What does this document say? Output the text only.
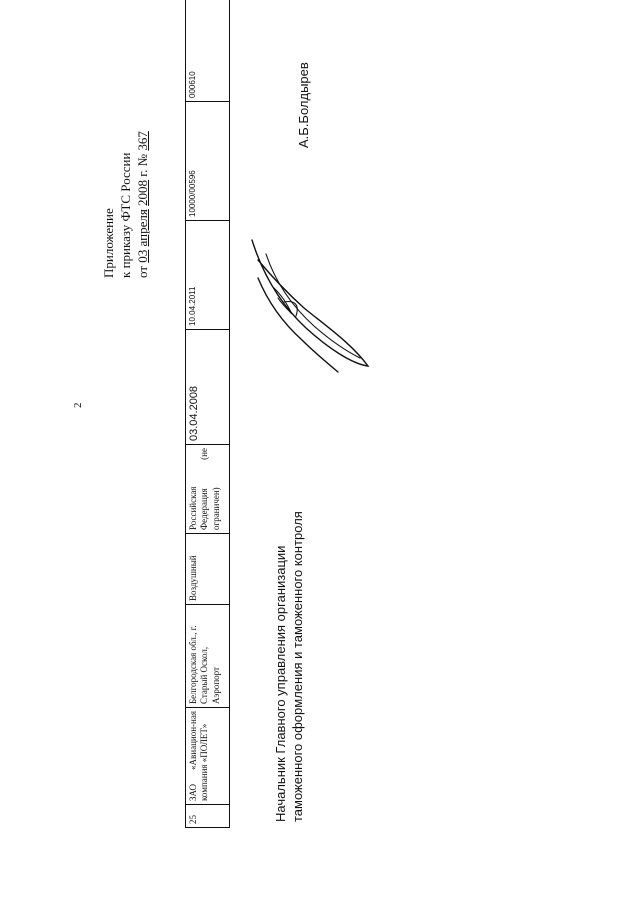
2
Приложение к приказу ФТС России от 03 апреля 2008 г. № 367
25	ЗАО «Авиацион-ная компания «ПОЛЕТ»	Белгородская обл., г. Старый Оскол, Аэропорт	Воздушный	Российская Федерация (не ограничен)	03.04.2008	10.04.2011	10000/00596	000610
Начальник Главного управления организации таможенного оформления и таможенного контроля
А.Б.Болдырев
